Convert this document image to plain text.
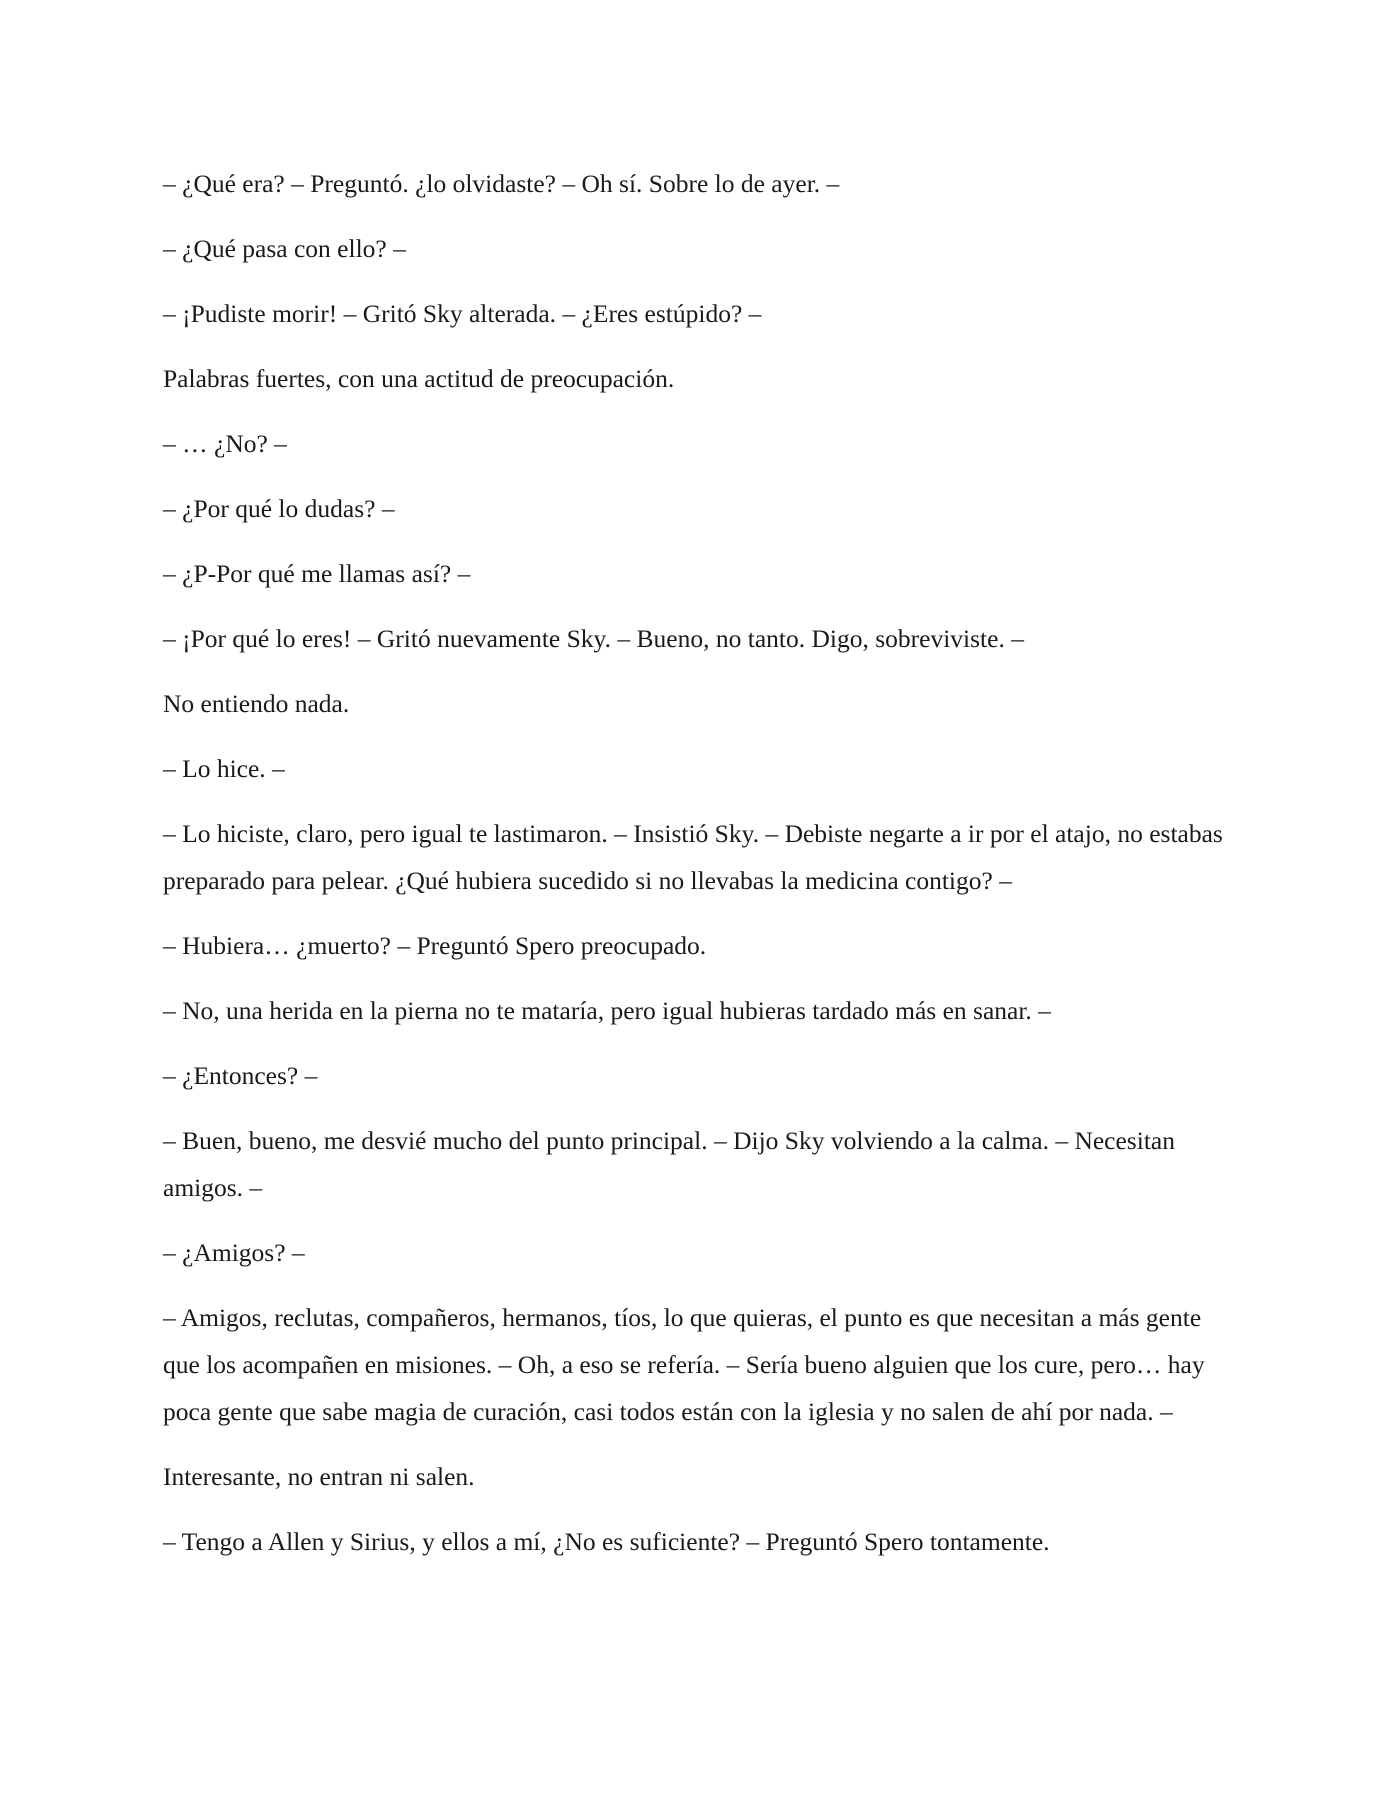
– ¿Qué era? – Preguntó. ¿lo olvidaste? – Oh sí. Sobre lo de ayer. –

– ¿Qué pasa con ello? –

– ¡Pudiste morir! – Gritó Sky alterada. – ¿Eres estúpido? –

Palabras fuertes, con una actitud de preocupación.

– … ¿No? –

– ¿Por qué lo dudas? –

– ¿P-Por qué me llamas así? –

– ¡Por qué lo eres! – Gritó nuevamente Sky. – Bueno, no tanto. Digo, sobreviviste. –

No entiendo nada.

– Lo hice. –

– Lo hiciste, claro, pero igual te lastimaron. – Insistió Sky. – Debiste negarte a ir por el atajo, no estabas preparado para pelear. ¿Qué hubiera sucedido si no llevabas la medicina contigo? –

– Hubiera… ¿muerto? – Preguntó Spero preocupado.

– No, una herida en la pierna no te mataría, pero igual hubieras tardado más en sanar. –

– ¿Entonces? –

– Buen, bueno, me desvié mucho del punto principal. – Dijo Sky volviendo a la calma. – Necesitan amigos. –

– ¿Amigos? –

– Amigos, reclutas, compañeros, hermanos, tíos, lo que quieras, el punto es que necesitan a más gente que los acompañen en misiones. – Oh, a eso se refería. – Sería bueno alguien que los cure, pero… hay poca gente que sabe magia de curación, casi todos están con la iglesia y no salen de ahí por nada. –

Interesante, no entran ni salen.

– Tengo a Allen y Sirius, y ellos a mí, ¿No es suficiente? – Preguntó Spero tontamente.
